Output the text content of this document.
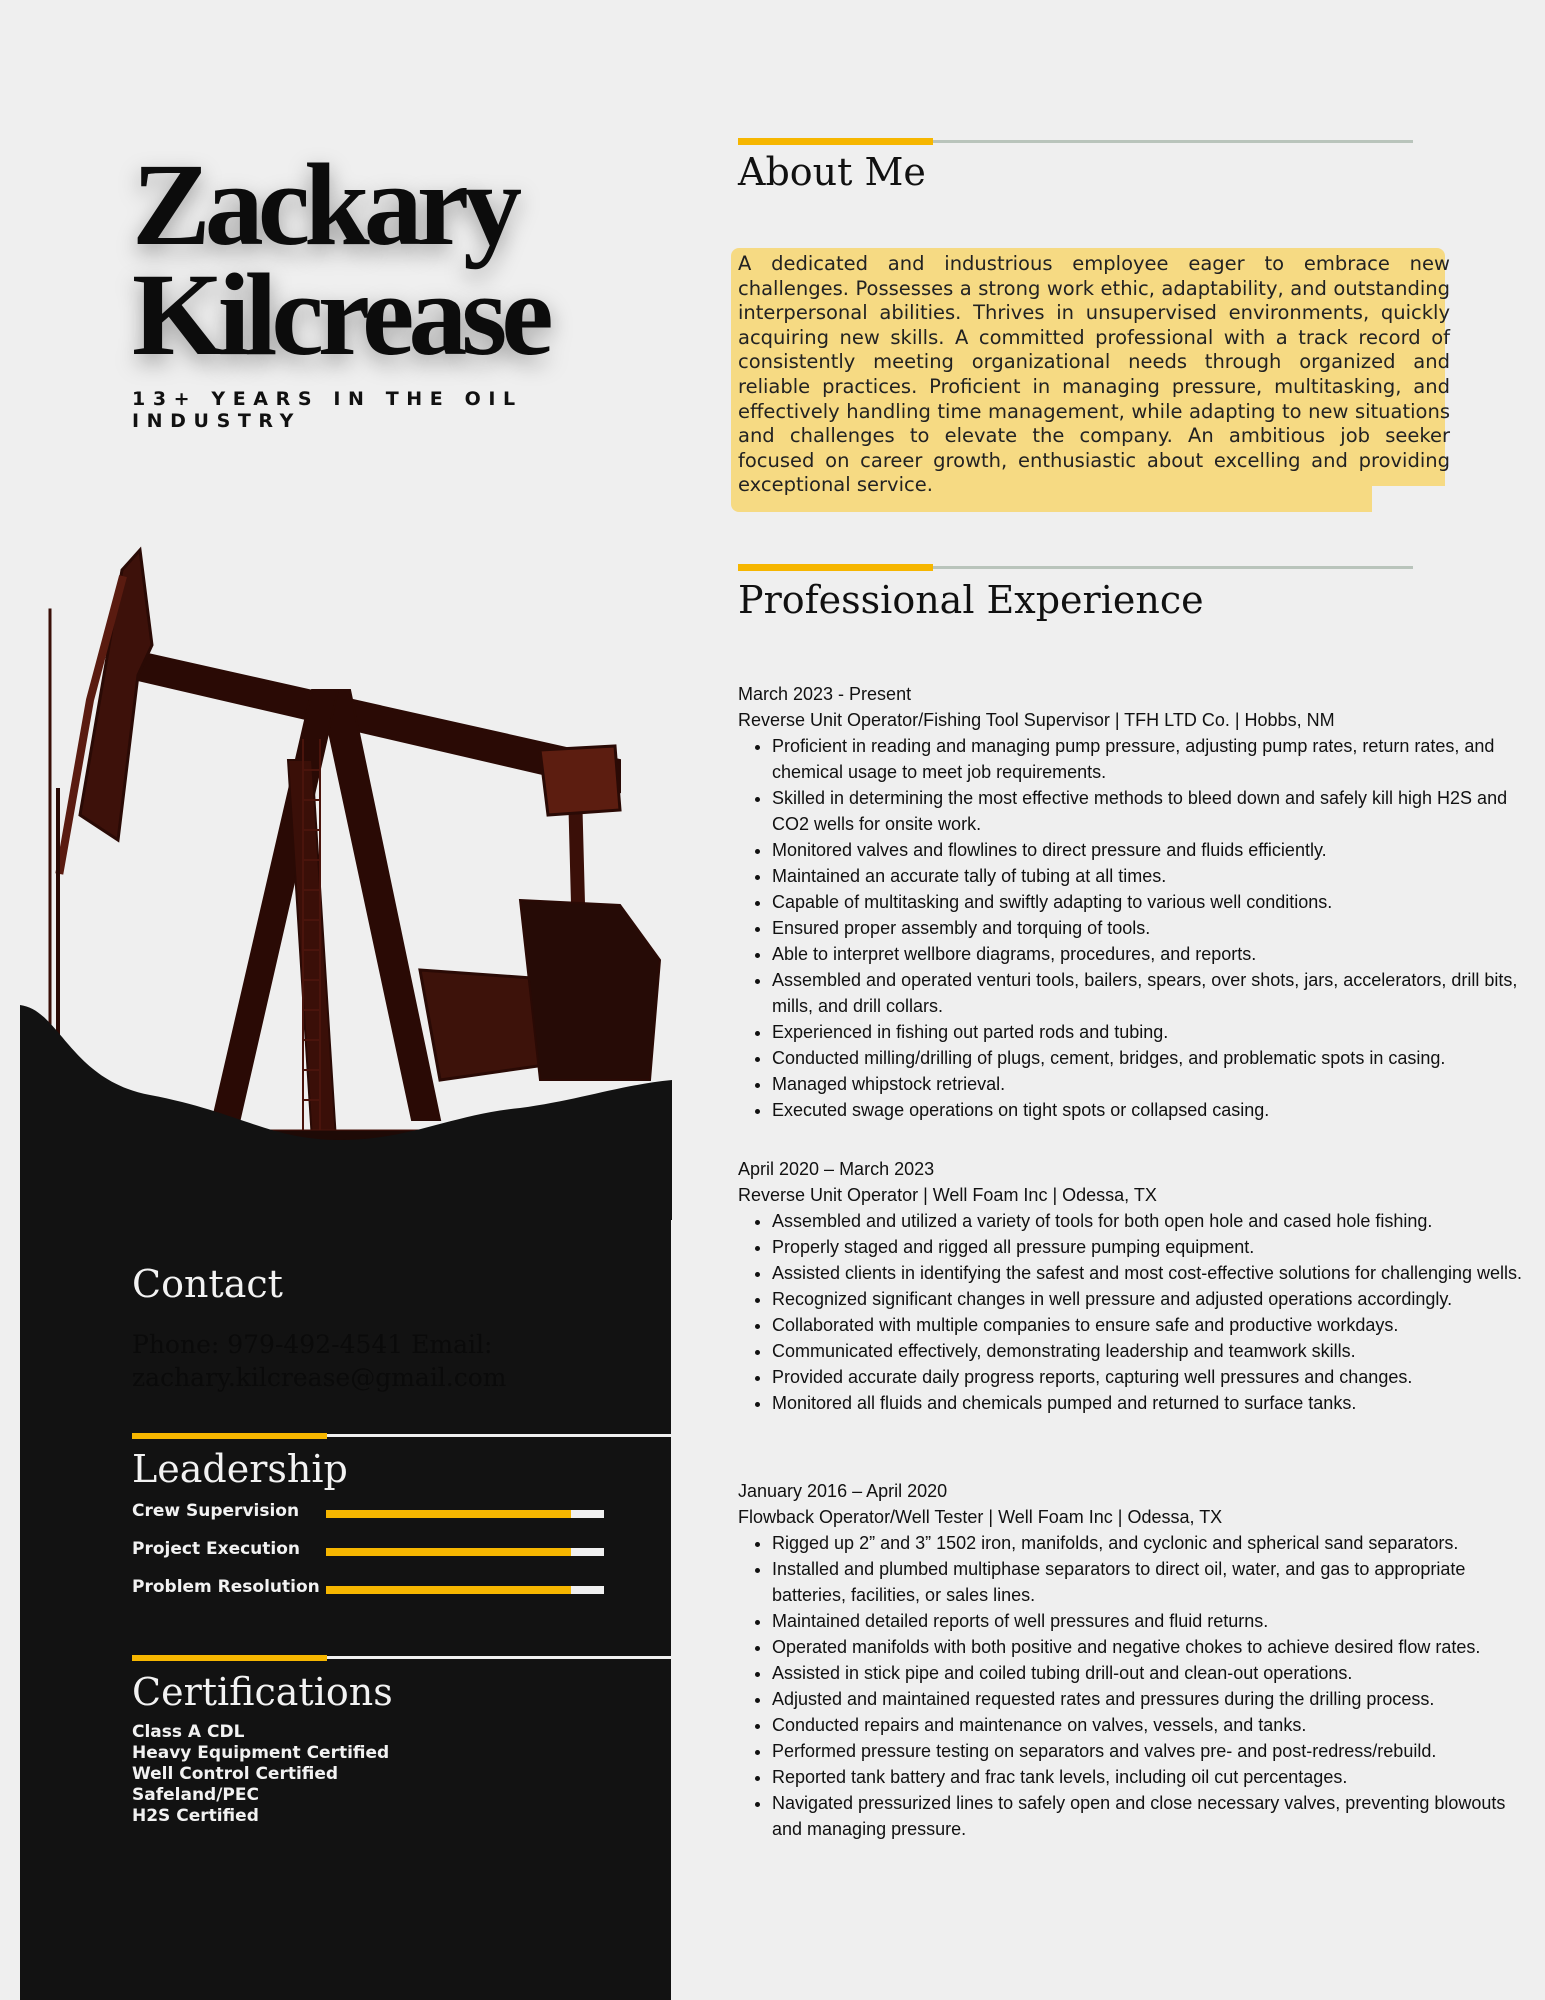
Zackary
Kilcrease
13+ YEARS IN THE OIL INDUSTRY
Contact
Phone: 979-492-4541 Email: zachary.kilcrease@gmail.com
Leadership
Crew Supervision
Project Execution
Problem Resolution
Certifications
Class A CDL
Heavy Equipment Certified
Well Control Certified
Safeland/PEC
H2S Certified
About Me

A dedicated and industrious employee eager to embrace new challenges. Possesses a strong work ethic, adaptability, and outstanding interpersonal abilities. Thrives in unsupervised environments, quickly acquiring new skills. A committed professional with a track record of consistently meeting organizational needs through organized and reliable practices. Proficient in managing pressure, multitasking, and effectively handling time management, while adapting to new situations and challenges to elevate the company. An ambitious job seeker focused on career growth, enthusiastic about excelling and providing exceptional service.

Professional Experience
March 2023 - Present
Reverse Unit Operator/Fishing Tool Supervisor | TFH LTD Co. | Hobbs, NM
• Proficient in reading and managing pump pressure, adjusting pump rates, return rates, and chemical usage to meet job requirements.
• Skilled in determining the most effective methods to bleed down and safely kill high H2S and CO2 wells for onsite work.
• Monitored valves and flowlines to direct pressure and fluids efficiently.
• Maintained an accurate tally of tubing at all times.
• Capable of multitasking and swiftly adapting to various well conditions.
• Ensured proper assembly and torquing of tools.
• Able to interpret wellbore diagrams, procedures, and reports.
• Assembled and operated venturi tools, bailers, spears, over shots, jars, accelerators, drill bits, mills, and drill collars.
• Experienced in fishing out parted rods and tubing.
• Conducted milling/drilling of plugs, cement, bridges, and problematic spots in casing.
• Managed whipstock retrieval.
• Executed swage operations on tight spots or collapsed casing.
April 2020 – March 2023
Reverse Unit Operator | Well Foam Inc | Odessa, TX
• Assembled and utilized a variety of tools for both open hole and cased hole fishing.
• Properly staged and rigged all pressure pumping equipment.
• Assisted clients in identifying the safest and most cost-effective solutions for challenging wells.
• Recognized significant changes in well pressure and adjusted operations accordingly.
• Collaborated with multiple companies to ensure safe and productive workdays.
• Communicated effectively, demonstrating leadership and teamwork skills.
• Provided accurate daily progress reports, capturing well pressures and changes.
• Monitored all fluids and chemicals pumped and returned to surface tanks.
January 2016 – April 2020
Flowback Operator/Well Tester | Well Foam Inc | Odessa, TX
• Rigged up 2” and 3” 1502 iron, manifolds, and cyclonic and spherical sand separators.
• Installed and plumbed multiphase separators to direct oil, water, and gas to appropriate batteries, facilities, or sales lines.
• Maintained detailed reports of well pressures and fluid returns.
• Operated manifolds with both positive and negative chokes to achieve desired flow rates.
• Assisted in stick pipe and coiled tubing drill-out and clean-out operations.
• Adjusted and maintained requested rates and pressures during the drilling process.
• Conducted repairs and maintenance on valves, vessels, and tanks.
• Performed pressure testing on separators and valves pre- and post-redress/rebuild.
• Reported tank battery and frac tank levels, including oil cut percentages.
• Navigated pressurized lines to safely open and close necessary valves, preventing blowouts and managing pressure.
